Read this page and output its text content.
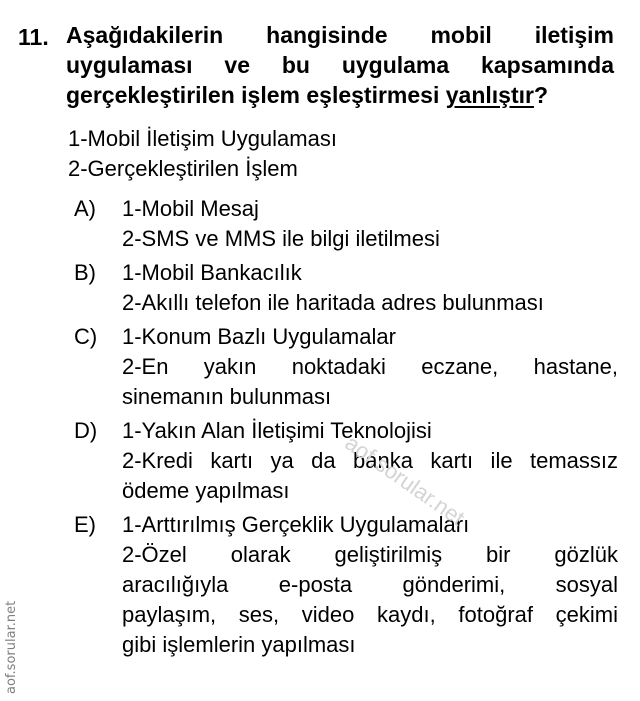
11. Aşağıdakilerin hangisinde mobil iletişim
uygulaması ve bu uygulama kapsamında
gerçekleştirilen işlem eşleştirmesi yanlıştır?
1-Mobil İletişim Uygulaması
2-Gerçekleştirilen İşlem
A)	1-Mobil Mesaj
2-SMS ve MMS ile bilgi iletilmesi
B)	1-Mobil Bankacılık
2-Akıllı telefon ile haritada adres bulunması
C)	1-Konum Bazlı Uygulamalar
2-En yakın noktadaki eczane, hastane,
sinemanın bulunması
D)	1-Yakın Alan İletişimi Teknolojisi
2-Kredi kartı ya da banka kartı ile temassız
ödeme yapılması
E)	1-Arttırılmış Gerçeklik Uygulamaları
2-Özel olarak geliştirilmiş bir gözlük
aracılığıyla e-posta gönderimi, sosyal
paylaşım, ses, video kaydı, fotoğraf çekimi
gibi işlemlerin yapılması
aof.sorular.net
aof.sorular.net
